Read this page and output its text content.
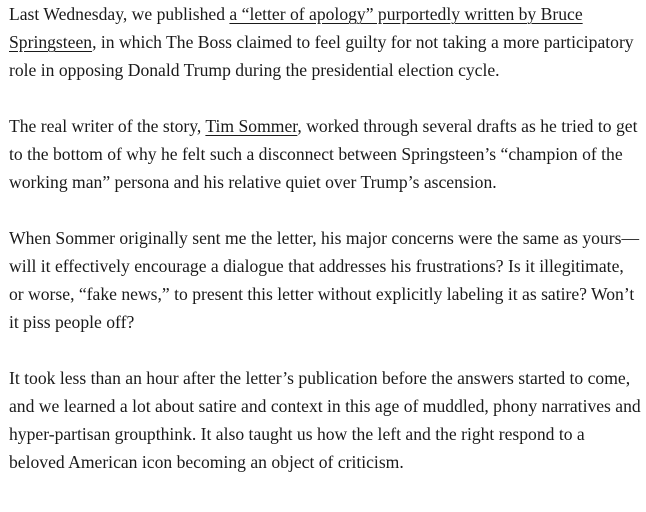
Last Wednesday, we published a “letter of apology” purportedly written by Bruce Springsteen, in which The Boss claimed to feel guilty for not taking a more participatory role in opposing Donald Trump during the presidential election cycle.

The real writer of the story, Tim Sommer, worked through several drafts as he tried to get to the bottom of why he felt such a disconnect between Springsteen’s “champion of the working man” persona and his relative quiet over Trump’s ascension.

When Sommer originally sent me the letter, his major concerns were the same as yours—will it effectively encourage a dialogue that addresses his frustrations? Is it illegitimate, or worse, “fake news,” to present this letter without explicitly labeling it as satire? Won’t it piss people off?

It took less than an hour after the letter’s publication before the answers started to come, and we learned a lot about satire and context in this age of muddled, phony narratives and hyper-partisan groupthink. It also taught us how the left and the right respond to a beloved American icon becoming an object of criticism.
